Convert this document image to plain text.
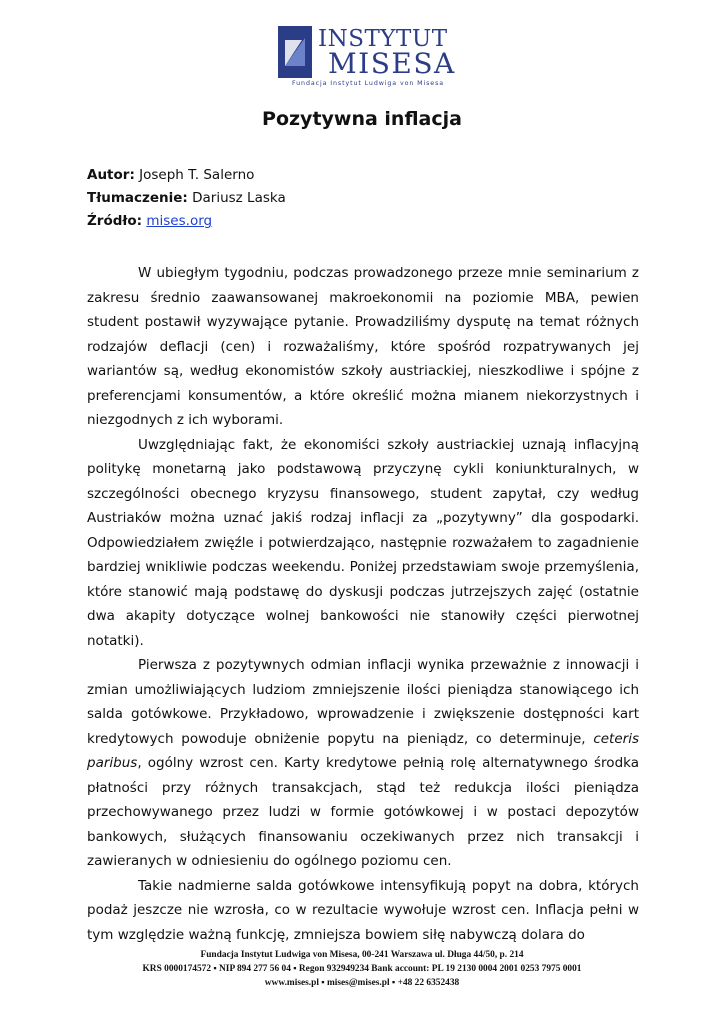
INSTYTUT
MISESA
Fundacja Instytut Ludwiga von Misesa
Pozytywna inflacja
Autor: Joseph T. Salerno
Tłumaczenie: Dariusz Laska
Źródło: mises.org

W ubiegłym tygodniu, podczas prowadzonego przeze mnie seminarium z zakresu średnio zaawansowanej makroekonomii na poziomie MBA, pewien student postawił wyzywające pytanie. Prowadziliśmy dysputę na temat różnych rodzajów deflacji (cen) i rozważaliśmy, które spośród rozpatrywanych jej wariantów są, według ekonomistów szkoły austriackiej, nieszkodliwe i spójne z preferencjami konsumentów, a które określić można mianem niekorzystnych i niezgodnych z ich wyborami.

Uwzględniając fakt, że ekonomiści szkoły austriackiej uznają inflacyjną politykę monetarną jako podstawową przyczynę cykli koniunkturalnych, w szczególności obecnego kryzysu finansowego, student zapytał, czy według Austriaków można uznać jakiś rodzaj inflacji za „pozytywny” dla gospodarki. Odpowiedziałem zwięźle i potwierdzająco, następnie rozważałem to zagadnienie bardziej wnikliwie podczas weekendu. Poniżej przedstawiam swoje przemyślenia, które stanowić mają podstawę do dyskusji podczas jutrzejszych zajęć (ostatnie dwa akapity dotyczące wolnej bankowości nie stanowiły części pierwotnej notatki).

Pierwsza z pozytywnych odmian inflacji wynika przeważnie z innowacji i zmian umożliwiających ludziom zmniejszenie ilości pieniądza stanowiącego ich salda gotówkowe. Przykładowo, wprowadzenie i zwiększenie dostępności kart kredytowych powoduje obniżenie popytu na pieniądz, co determinuje, ceteris paribus, ogólny wzrost cen. Karty kredytowe pełnią rolę alternatywnego środka płatności przy różnych transakcjach, stąd też redukcja ilości pieniądza przechowywanego przez ludzi w formie gotówkowej i w postaci depozytów bankowych, służących finansowaniu oczekiwanych przez nich transakcji i zawieranych w odniesieniu do ogólnego poziomu cen.

Takie nadmierne salda gotówkowe intensyfikują popyt na dobra, których podaż jeszcze nie wzrosła, co w rezultacie wywołuje wzrost cen. Inflacja pełni w tym względzie ważną funkcję, zmniejsza bowiem siłę nabywczą dolara do

Fundacja Instytut Ludwiga von Misesa, 00-241 Warszawa ul. Długa 44/50, p. 214
KRS 0000174572 ▪ NIP 894 277 56 04 ▪ Regon 932949234 Bank account: PL 19 2130 0004 2001 0253 7975 0001
www.mises.pl ▪ mises@mises.pl ▪ +48 22 6352438
